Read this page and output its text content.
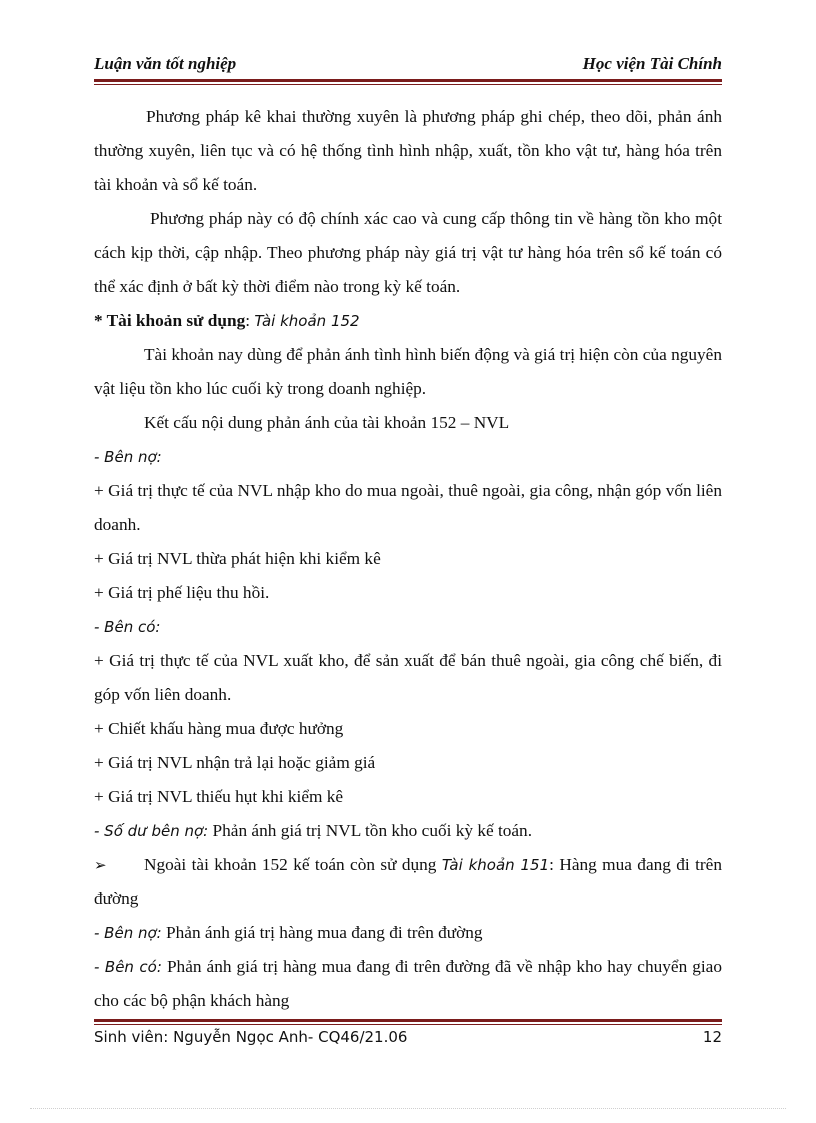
Luận văn tốt nghiệp	Học viện Tài Chính

Phương pháp kê khai thường xuyên là phương pháp ghi chép, theo dõi, phản ánh thường xuyên, liên tục và có hệ thống tình hình nhập, xuất, tồn kho vật tư, hàng hóa trên tài khoản và sổ kế toán.

Phương pháp này có độ chính xác cao và cung cấp thông tin về hàng tồn kho một cách kịp thời, cập nhập. Theo phương pháp này giá trị vật tư hàng hóa trên sổ kế toán có thể xác định ở bất kỳ thời điểm nào trong kỳ kế toán.

* Tài khoản sử dụng: Tài khoản 152

Tài khoản nay dùng để phản ánh tình hình biến động và giá trị hiện còn của nguyên vật liệu tồn kho lúc cuối kỳ trong doanh nghiệp.

Kết cấu nội dung phản ánh của tài khoản 152 – NVL

- Bên nợ:

+ Giá trị thực tế của NVL nhập kho do mua ngoài, thuê ngoài, gia công, nhận góp vốn liên doanh.

+ Giá trị NVL thừa phát hiện khi kiểm kê

+ Giá trị phế liệu thu hồi.

- Bên có:

+ Giá trị thực tế của NVL xuất kho, để sản xuất để bán thuê ngoài, gia công chế biến, đi góp vốn liên doanh.

+ Chiết khấu hàng mua được hưởng

+ Giá trị NVL nhận trả lại hoặc giảm giá

+ Giá trị NVL thiếu hụt khi kiểm kê

- Số dư bên nợ: Phản ánh giá trị NVL tồn kho cuối kỳ kế toán.

➢ Ngoài tài khoản 152 kế toán còn sử dụng Tài khoản 151: Hàng mua đang đi trên đường

- Bên nợ: Phản ánh giá trị hàng mua đang đi trên đường

- Bên có: Phản ánh giá trị hàng mua đang đi trên đường đã về nhập kho hay chuyển giao cho các bộ phận khách hàng

Sinh viên: Nguyễn Ngọc Anh- CQ46/21.06	12
